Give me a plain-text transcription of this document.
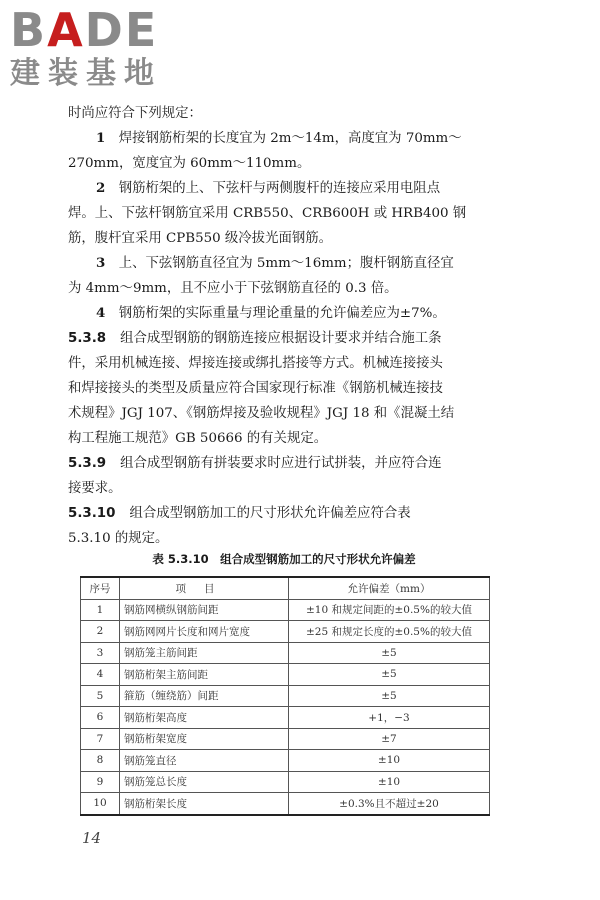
BADE
建装基地
时尚应符合下列规定：
1　 焊接钢筋桁架的长度宜为 2m～14m，高度宜为 70mm～
270mm，宽度宜为 60mm～110mm。
2　 钢筋桁架的上、下弦杆与两侧腹杆的连接应采用电阻点
焊。上、下弦杆钢筋宜采用 CRB550、CRB600H 或 HRB400 钢
筋，腹杆宜采用 CPB550 级冷拔光面钢筋。
3　 上、下弦钢筋直径宜为 5mm～16mm；腹杆钢筋直径宜
为 4mm～9mm，且不应小于下弦钢筋直径的 0.3 倍。
4　 钢筋桁架的实际重量与理论重量的允许偏差应为±7%。
5.3.8 组合成型钢筋的钢筋连接应根据设计要求并结合施工条
件，采用机械连接、焊接连接或绑扎搭接等方式。机械连接接头
和焊接接头的类型及质量应符合国家现行标准《钢筋机械连接技
术规程》JGJ 107、《钢筋焊接及验收规程》JGJ 18 和《混凝土结
构工程施工规范》GB 50666 的有关规定。
5.3.9 组合成型钢筋有拼装要求时应进行试拼装，并应符合连
接要求。
5.3.10 组合成型钢筋加工的尺寸形状允许偏差应符合表
5.3.10 的规定。
表 5.3.10　组合成型钢筋加工的尺寸形状允许偏差
序号	项目	允许偏差（mm）
1	钢筋网横纵钢筋间距	±10 和规定间距的±0.5%的较大值
2	钢筋网网片长度和网片宽度	±25 和规定长度的±0.5%的较大值
3	钢筋笼主筋间距	±5
4	钢筋桁架主筋间距	±5
5	箍筋（缠绕筋）间距	±5
6	钢筋桁架高度	+1，−3
7	钢筋桁架宽度	±7
8	钢筋笼直径	±10
9	钢筋笼总长度	±10
10	钢筋桁架长度	±0.3%且不超过±20
14
